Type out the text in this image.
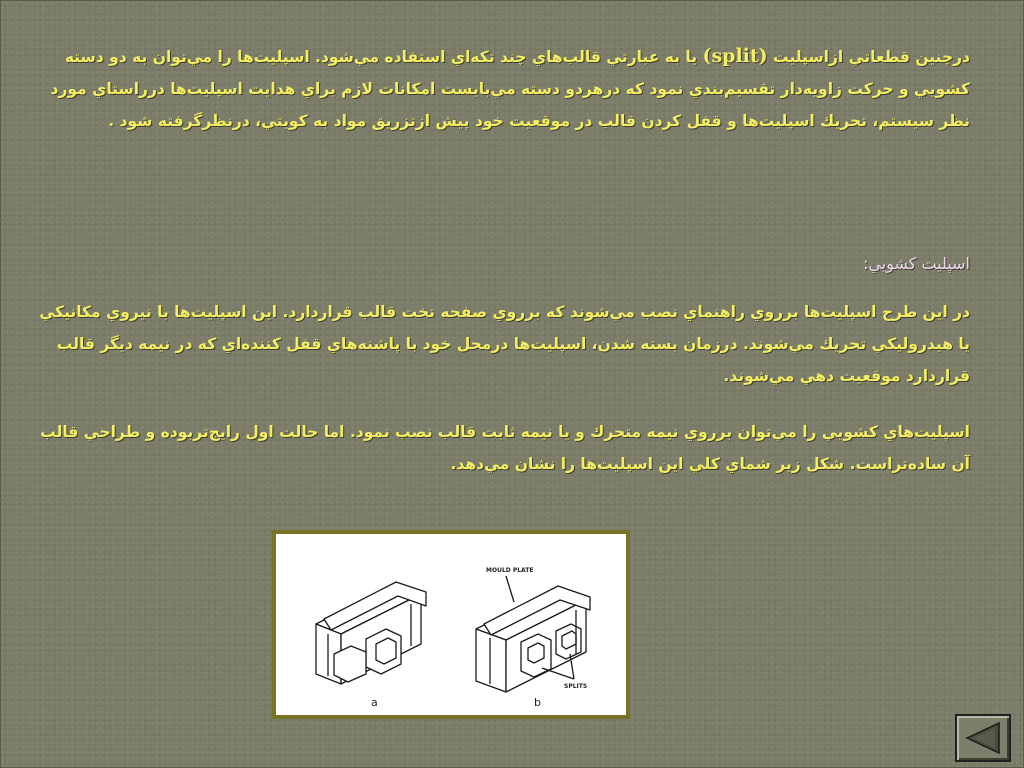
درچنين قطعاتي ازاسپليت (split) يا به عبارتي قالب‌هاي چند تكه‌اي استفاده مي‌شود. اسپليت‌ها را مي‌توان به دو دسته كشويي و حركت زاويه‌دار تقسيم‌بندي نمود كه درهردو دسته مي‌بايست امكانات لازم براي هدايت اسپليت‌ها درراستاي مورد نظر سيستم، تحريك اسپليت‌ها و قفل كردن قالب در موقعيت خود پيش ازتزريق مواد به كويتي، درنظرگرفته شود .
اسپليت كشويي:
در اين طرح اسپليت‌ها برروي راهنماي نصب مي‌شوند كه برروي صفحه تخت قالب قراردارد. اين اسپليت‌ها با نيروي مكانيكي يا هيدروليكي تحريك مي‌شوند. درزمان بسته شدن، اسپليت‌ها درمحل خود با پاشنه‌هاي قفل كننده‌اي كه در نيمه ديگر قالب قراردارد موقعيت دهي مي‌شوند.
اسپليت‌هاي كشويي را مي‌توان برروي نيمه متحرك و يا نيمه ثابت قالب نصب نمود. اما حالت اول رايج‌تربوده و طراحي قالب آن ساده‌تراست. شكل زير شماي كلي اين اسپليت‌ها را نشان مي‌دهد.
a	b
MOULD PLATE
SPLITS
